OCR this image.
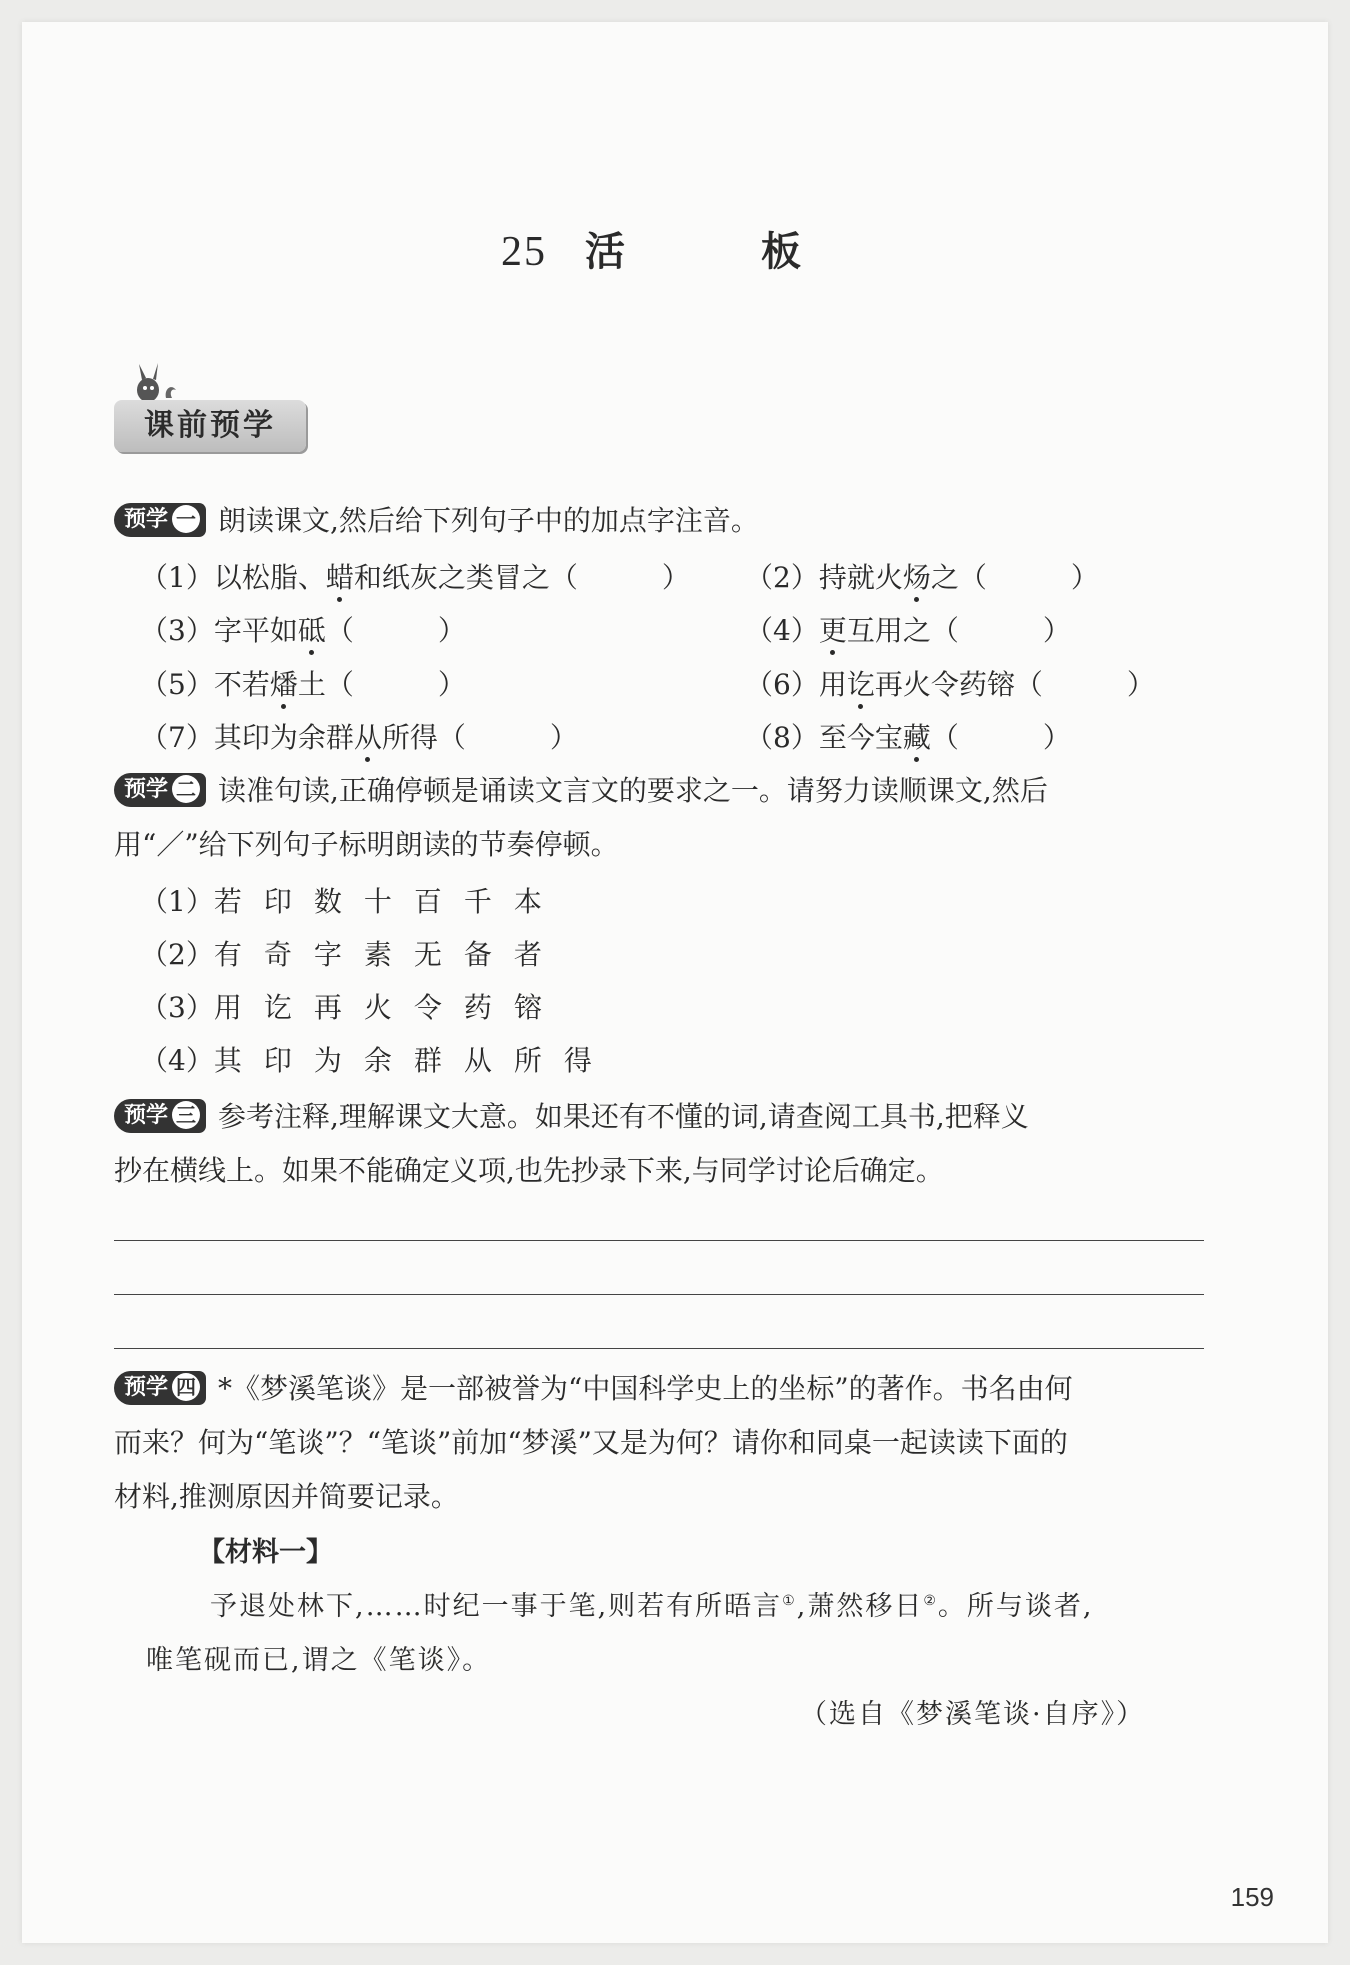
25 活　板
课前预学
预学 一 朗读课文,然后给下列句子中的加点字注音。
（1）以松脂、蜡和纸灰之类冒之（　　　） （2）持就火炀之（　　　）
（3）字平如砥（　　　）	（4）更互用之（　　　）
（5）不若燔土（　　　）	（6）用讫再火令药镕（　　　）
（7）其印为余群从所得（　　　）	（8）至今宝藏（　　　）
预学 二 读准句读,正确停顿是诵读文言文的要求之一。请努力读顺课文,然后
用“／”给下列句子标明朗读的节奏停顿。
（1）若印数十百千本
（2）有奇字素无备者
（3）用讫再火令药镕
（4）其印为余群从所得
预学 三 参考注释,理解课文大意。如果还有不懂的词,请查阅工具书,把释义
抄在横线上。如果不能确定义项,也先抄录下来,与同学讨论后确定。
预学 四 *《梦溪笔谈》是一部被誉为“中国科学史上的坐标”的著作。书名由何
而来？何为“笔谈”？“笔谈”前加“梦溪”又是为何？请你和同桌一起读读下面的
材料,推测原因并简要记录。
【材料一】
予退处林下,……时纪一事于笔,则若有所晤言①,萧然移日②。所与谈者,
唯笔砚而已,谓之《笔谈》。
（选自《梦溪笔谈·自序》）
159
